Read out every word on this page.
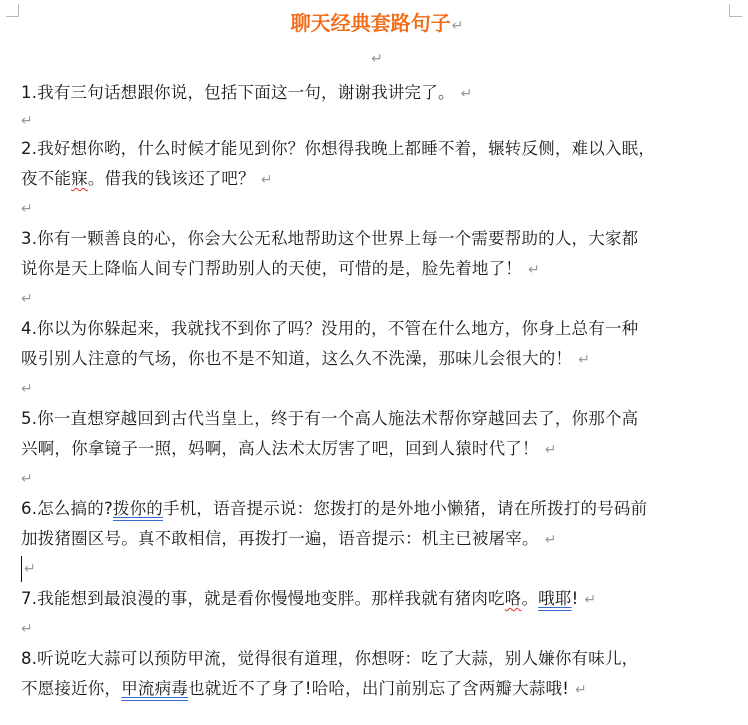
聊天经典套路句子↵
↵
1.我有三句话想跟你说，包括下面这一句，谢谢我讲完了。 ↵
↵
2.我好想你哟，什么时候才能见到你？你想得我晚上都睡不着，辗转反侧，难以入眠，
夜不能寐。借我的钱该还了吧？ ↵
↵
3.你有一颗善良的心，你会大公无私地帮助这个世界上每一个需要帮助的人，大家都
说你是天上降临人间专门帮助别人的天使，可惜的是，脸先着地了！ ↵
↵
4.你以为你躲起来，我就找不到你了吗？没用的，不管在什么地方，你身上总有一种
吸引别人注意的气场，你也不是不知道，这么久不洗澡，那味儿会很大的！ ↵
↵
5.你一直想穿越回到古代当皇上，终于有一个高人施法术帮你穿越回去了，你那个高
兴啊，你拿镜子一照，妈啊，高人法术太厉害了吧，回到人猿时代了！ ↵
↵
6.怎么搞的?拨你的手机，语音提示说：您拨打的是外地小懒猪，请在所拨打的号码前
加拨猪圈区号。真不敢相信，再拨打一遍，语音提示：机主已被屠宰。 ↵
↵
7.我能想到最浪漫的事，就是看你慢慢地变胖。那样我就有猪肉吃咯。哦耶! ↵
↵
8.听说吃大蒜可以预防甲流，觉得很有道理，你想呀：吃了大蒜，别人嫌你有味儿，
不愿接近你，甲流病毒也就近不了身了!哈哈，出门前别忘了含两瓣大蒜哦! ↵
